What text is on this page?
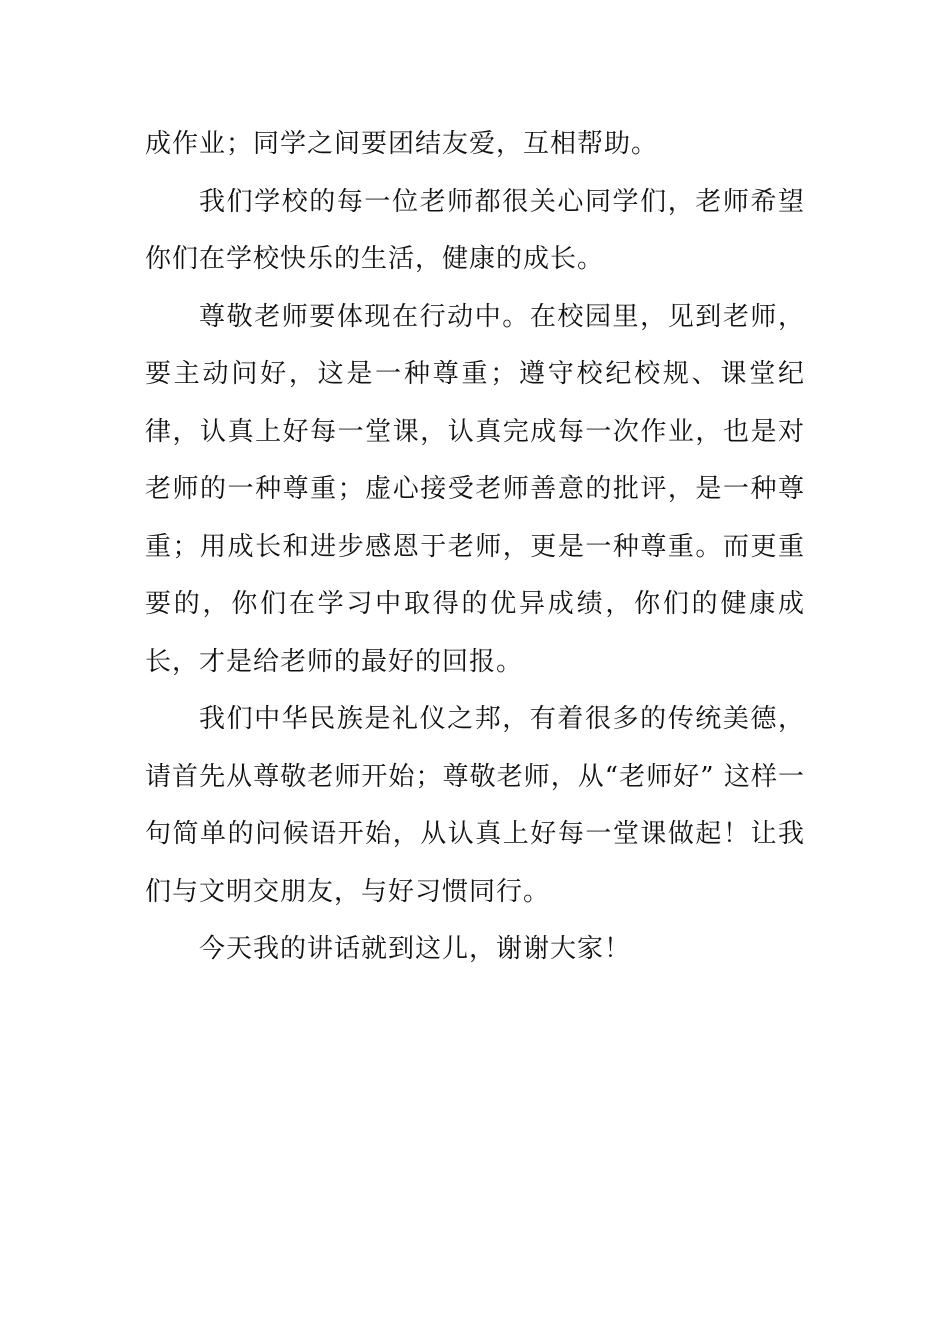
成作业；同学之间要团结友爱，互相帮助。

我们学校的每一位老师都很关心同学们，老师希望你们在学校快乐的生活，健康的成长。

尊敬老师要体现在行动中。在校园里，见到老师，要主动问好，这是一种尊重；遵守校纪校规、课堂纪律，认真上好每一堂课，认真完成每一次作业，也是对老师的一种尊重；虚心接受老师善意的批评，是一种尊重；用成长和进步感恩于老师，更是一种尊重。而更重要的，你们在学习中取得的优异成绩，你们的健康成长，才是给老师的最好的回报。

我们中华民族是礼仪之邦，有着很多的传统美德，请首先从尊敬老师开始；尊敬老师，从“老师好” 这样一句简单的问候语开始，从认真上好每一堂课做起！让我们与文明交朋友，与好习惯同行。

今天我的讲话就到这儿，谢谢大家！
